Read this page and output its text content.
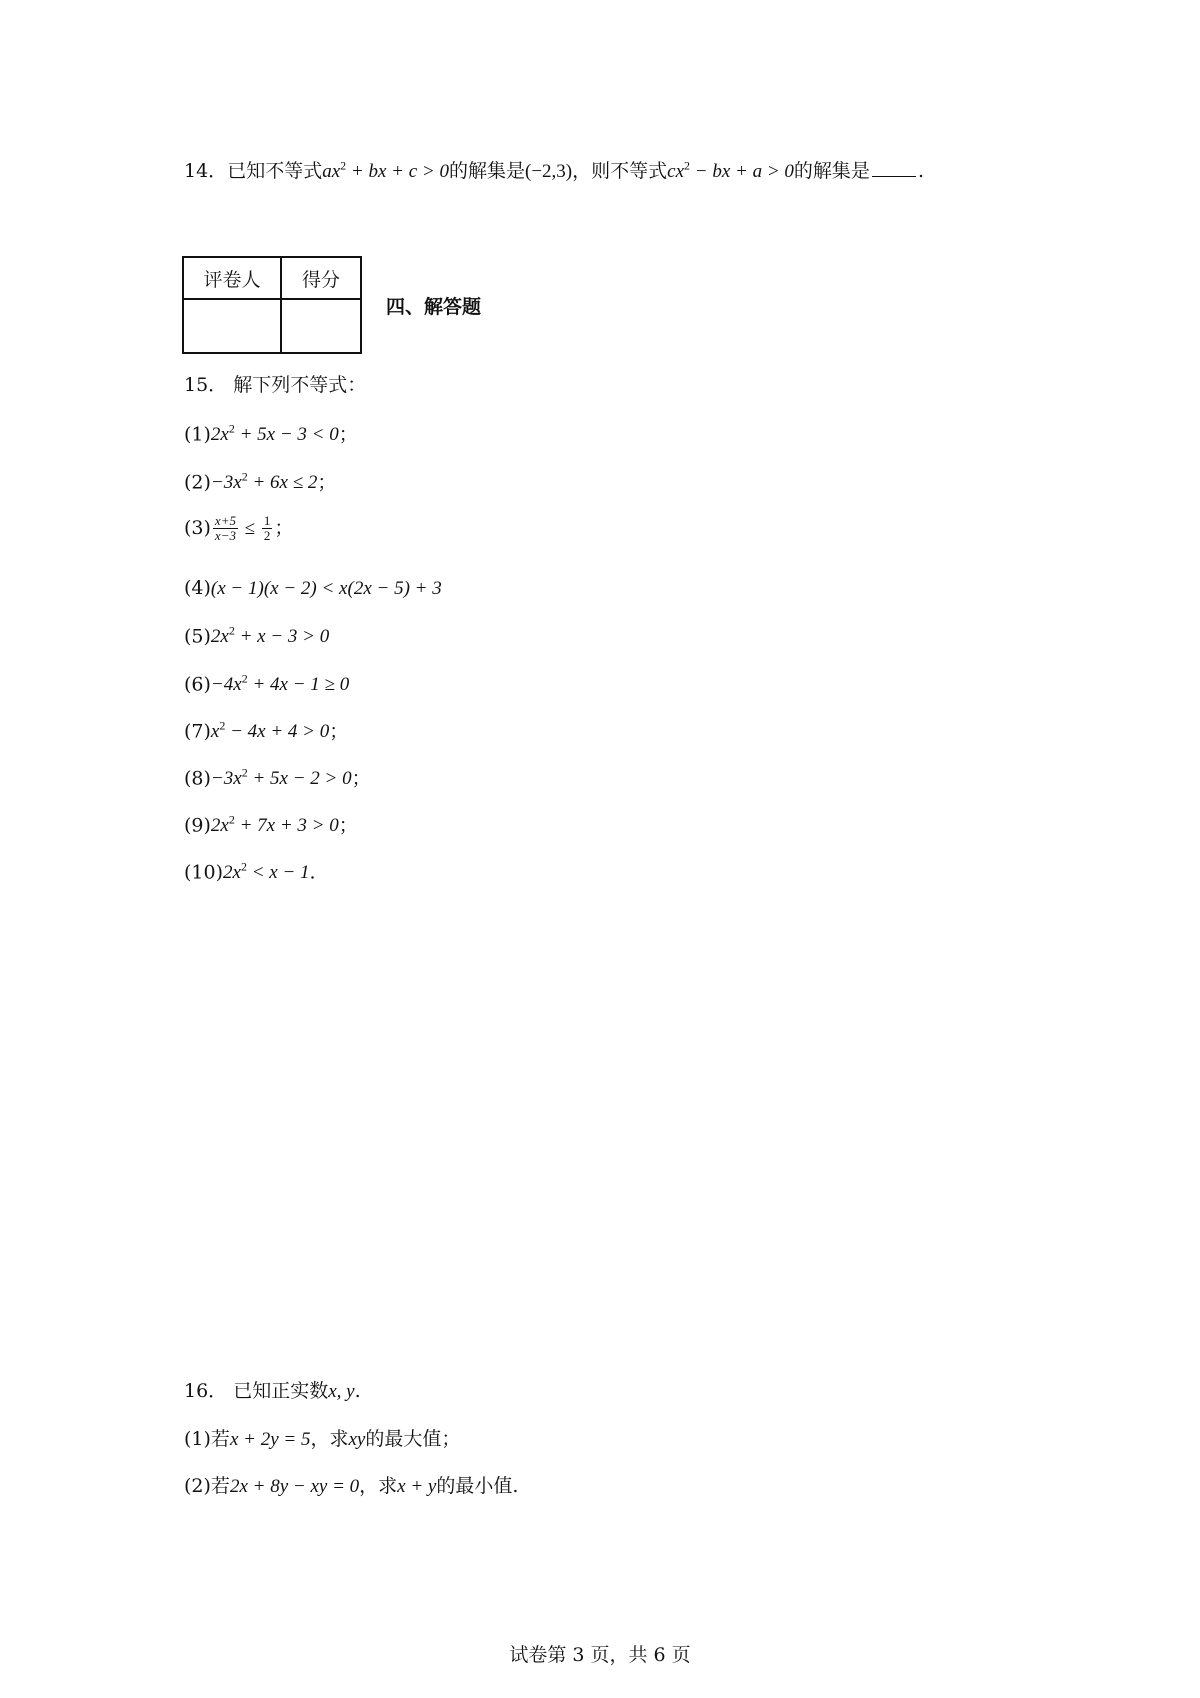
14．已知不等式$ax^2$ + bx + c > 0的解集是(−2,3)，则不等式$cx^2$ − bx + a > 0的解集是	.
评卷人	得分

四、解答题
15． 解下列不等式：
$(1)2x^2 + 5x - 3 < 0$；
$(2)-3x^2 + 6x \le 2$；
$(3) \frac{x+5}{x-3} \le \frac{1}{2}$ ；
(4)(x − 1)(x − 2) < x(2x − 5) + 3
$(5)2x^2 + x - 3 > 0$
$(6)-4x^2 + 4x - 1 \ge 0$
$(7)x^2 - 4x + 4 > 0$；
$(8)-3x^2 + 5x - 2 > 0$；
$(9)2x^2 + 7x + 3 > 0$；
$(10)2x^2 < x - 1$.
16． 已知正实数x, y.
(1)若x + 2y = 5，求xy的最大值；
(2)若2x + 8y − xy = 0，求x + y的最小值.
试卷第 3 页，共 6 页
